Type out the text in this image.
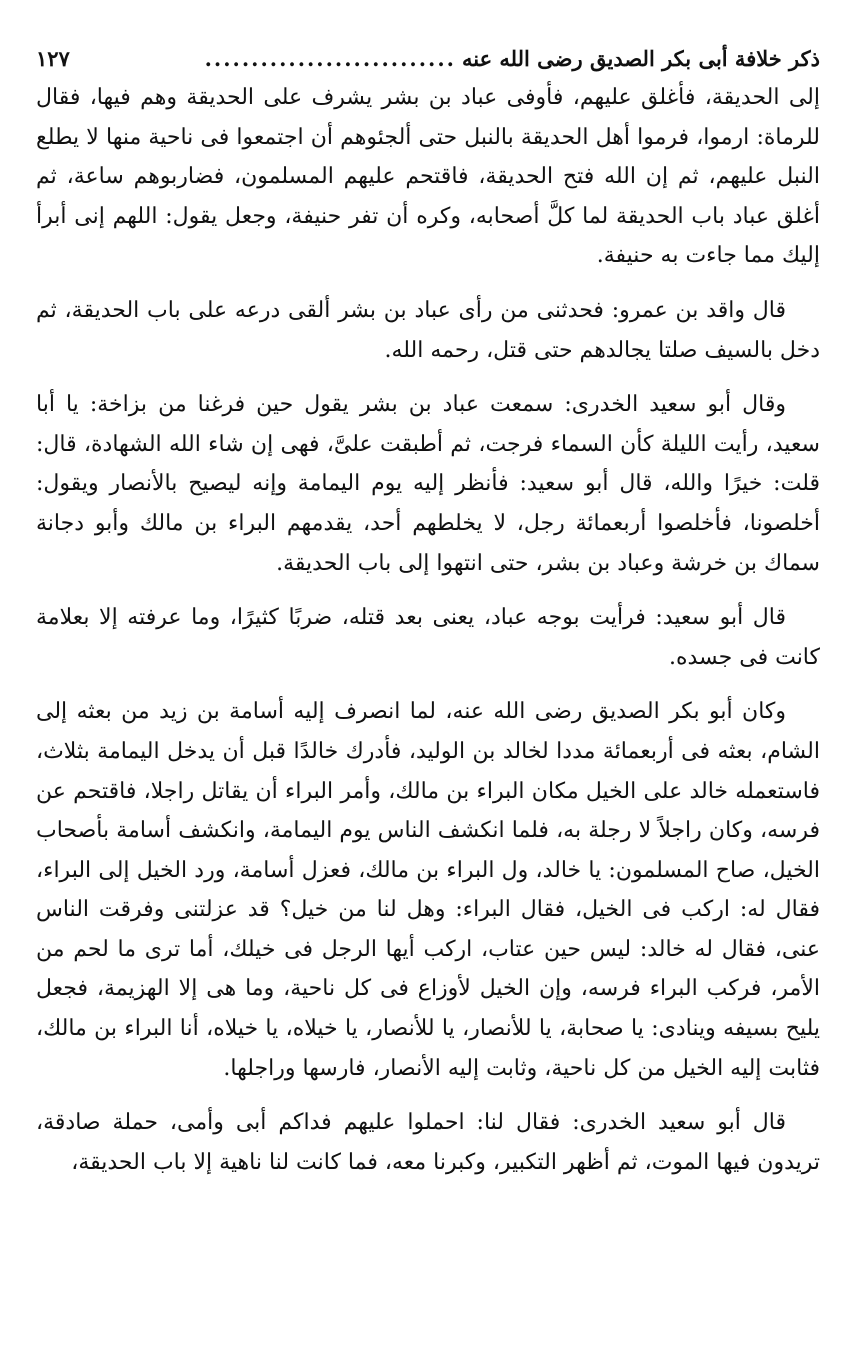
ذكر خلافة أبى بكر الصديق رضى الله عنه
...........................
١٢٧

إلى الحديقة، فأغلق عليهم، فأوفى عباد بن بشر يشرف على الحديقة وهم فيها، فقال للرماة: ارموا، فرموا أهل الحديقة بالنبل حتى ألجئوهم أن اجتمعوا فى ناحية منها لا يطلع النبل عليهم، ثم إن الله فتح الحديقة، فاقتحم عليهم المسلمون، فضاربوهم ساعة، ثم أغلق عباد باب الحديقة لما كلَّ أصحابه، وكره أن تفر حنيفة، وجعل يقول: اللهم إنى أبرأ إليك مما جاءت به حنيفة.

قال واقد بن عمرو: فحدثنى من رأى عباد بن بشر ألقى درعه على باب الحديقة، ثم دخل بالسيف صلتا يجالدهم حتى قتل، رحمه الله.

وقال أبو سعيد الخدرى: سمعت عباد بن بشر يقول حين فرغنا من بزاخة: يا أبا سعيد، رأيت الليلة كأن السماء فرجت، ثم أطبقت علىَّ، فهى إن شاء الله الشهادة، قال: قلت: خيرًا والله، قال أبو سعيد: فأنظر إليه يوم اليمامة وإنه ليصيح بالأنصار ويقول: أخلصونا، فأخلصوا أربعمائة رجل، لا يخلطهم أحد، يقدمهم البراء بن مالك وأبو دجانة سماك بن خرشة وعباد بن بشر، حتى انتهوا إلى باب الحديقة.

قال أبو سعيد: فرأيت بوجه عباد، يعنى بعد قتله، ضربًا كثيرًا، وما عرفته إلا بعلامة كانت فى جسده.

وكان أبو بكر الصديق رضى الله عنه، لما انصرف إليه أسامة بن زيد من بعثه إلى الشام، بعثه فى أربعمائة مددا لخالد بن الوليد، فأدرك خالدًا قبل أن يدخل اليمامة بثلاث، فاستعمله خالد على الخيل مكان البراء بن مالك، وأمر البراء أن يقاتل راجلا، فاقتحم عن فرسه، وكان راجلاً لا رجلة به، فلما انكشف الناس يوم اليمامة، وانكشف أسامة بأصحاب الخيل، صاح المسلمون: يا خالد، ول البراء بن مالك، فعزل أسامة، ورد الخيل إلى البراء، فقال له: اركب فى الخيل، فقال البراء: وهل لنا من خيل؟ قد عزلتنى وفرقت الناس عنى، فقال له خالد: ليس حين عتاب، اركب أيها الرجل فى خيلك، أما ترى ما لحم من الأمر، فركب البراء فرسه، وإن الخيل لأوزاع فى كل ناحية، وما هى إلا الهزيمة، فجعل يليح بسيفه وينادى: يا صحابة، يا للأنصار، يا للأنصار، يا خيلاه، يا خيلاه، أنا البراء بن مالك، فثابت إليه الخيل من كل ناحية، وثابت إليه الأنصار، فارسها وراجلها.

قال أبو سعيد الخدرى: فقال لنا: احملوا عليهم فداكم أبى وأمى، حملة صادقة، تريدون فيها الموت، ثم أظهر التكبير، وكبرنا معه، فما كانت لنا ناهية إلا باب الحديقة،
